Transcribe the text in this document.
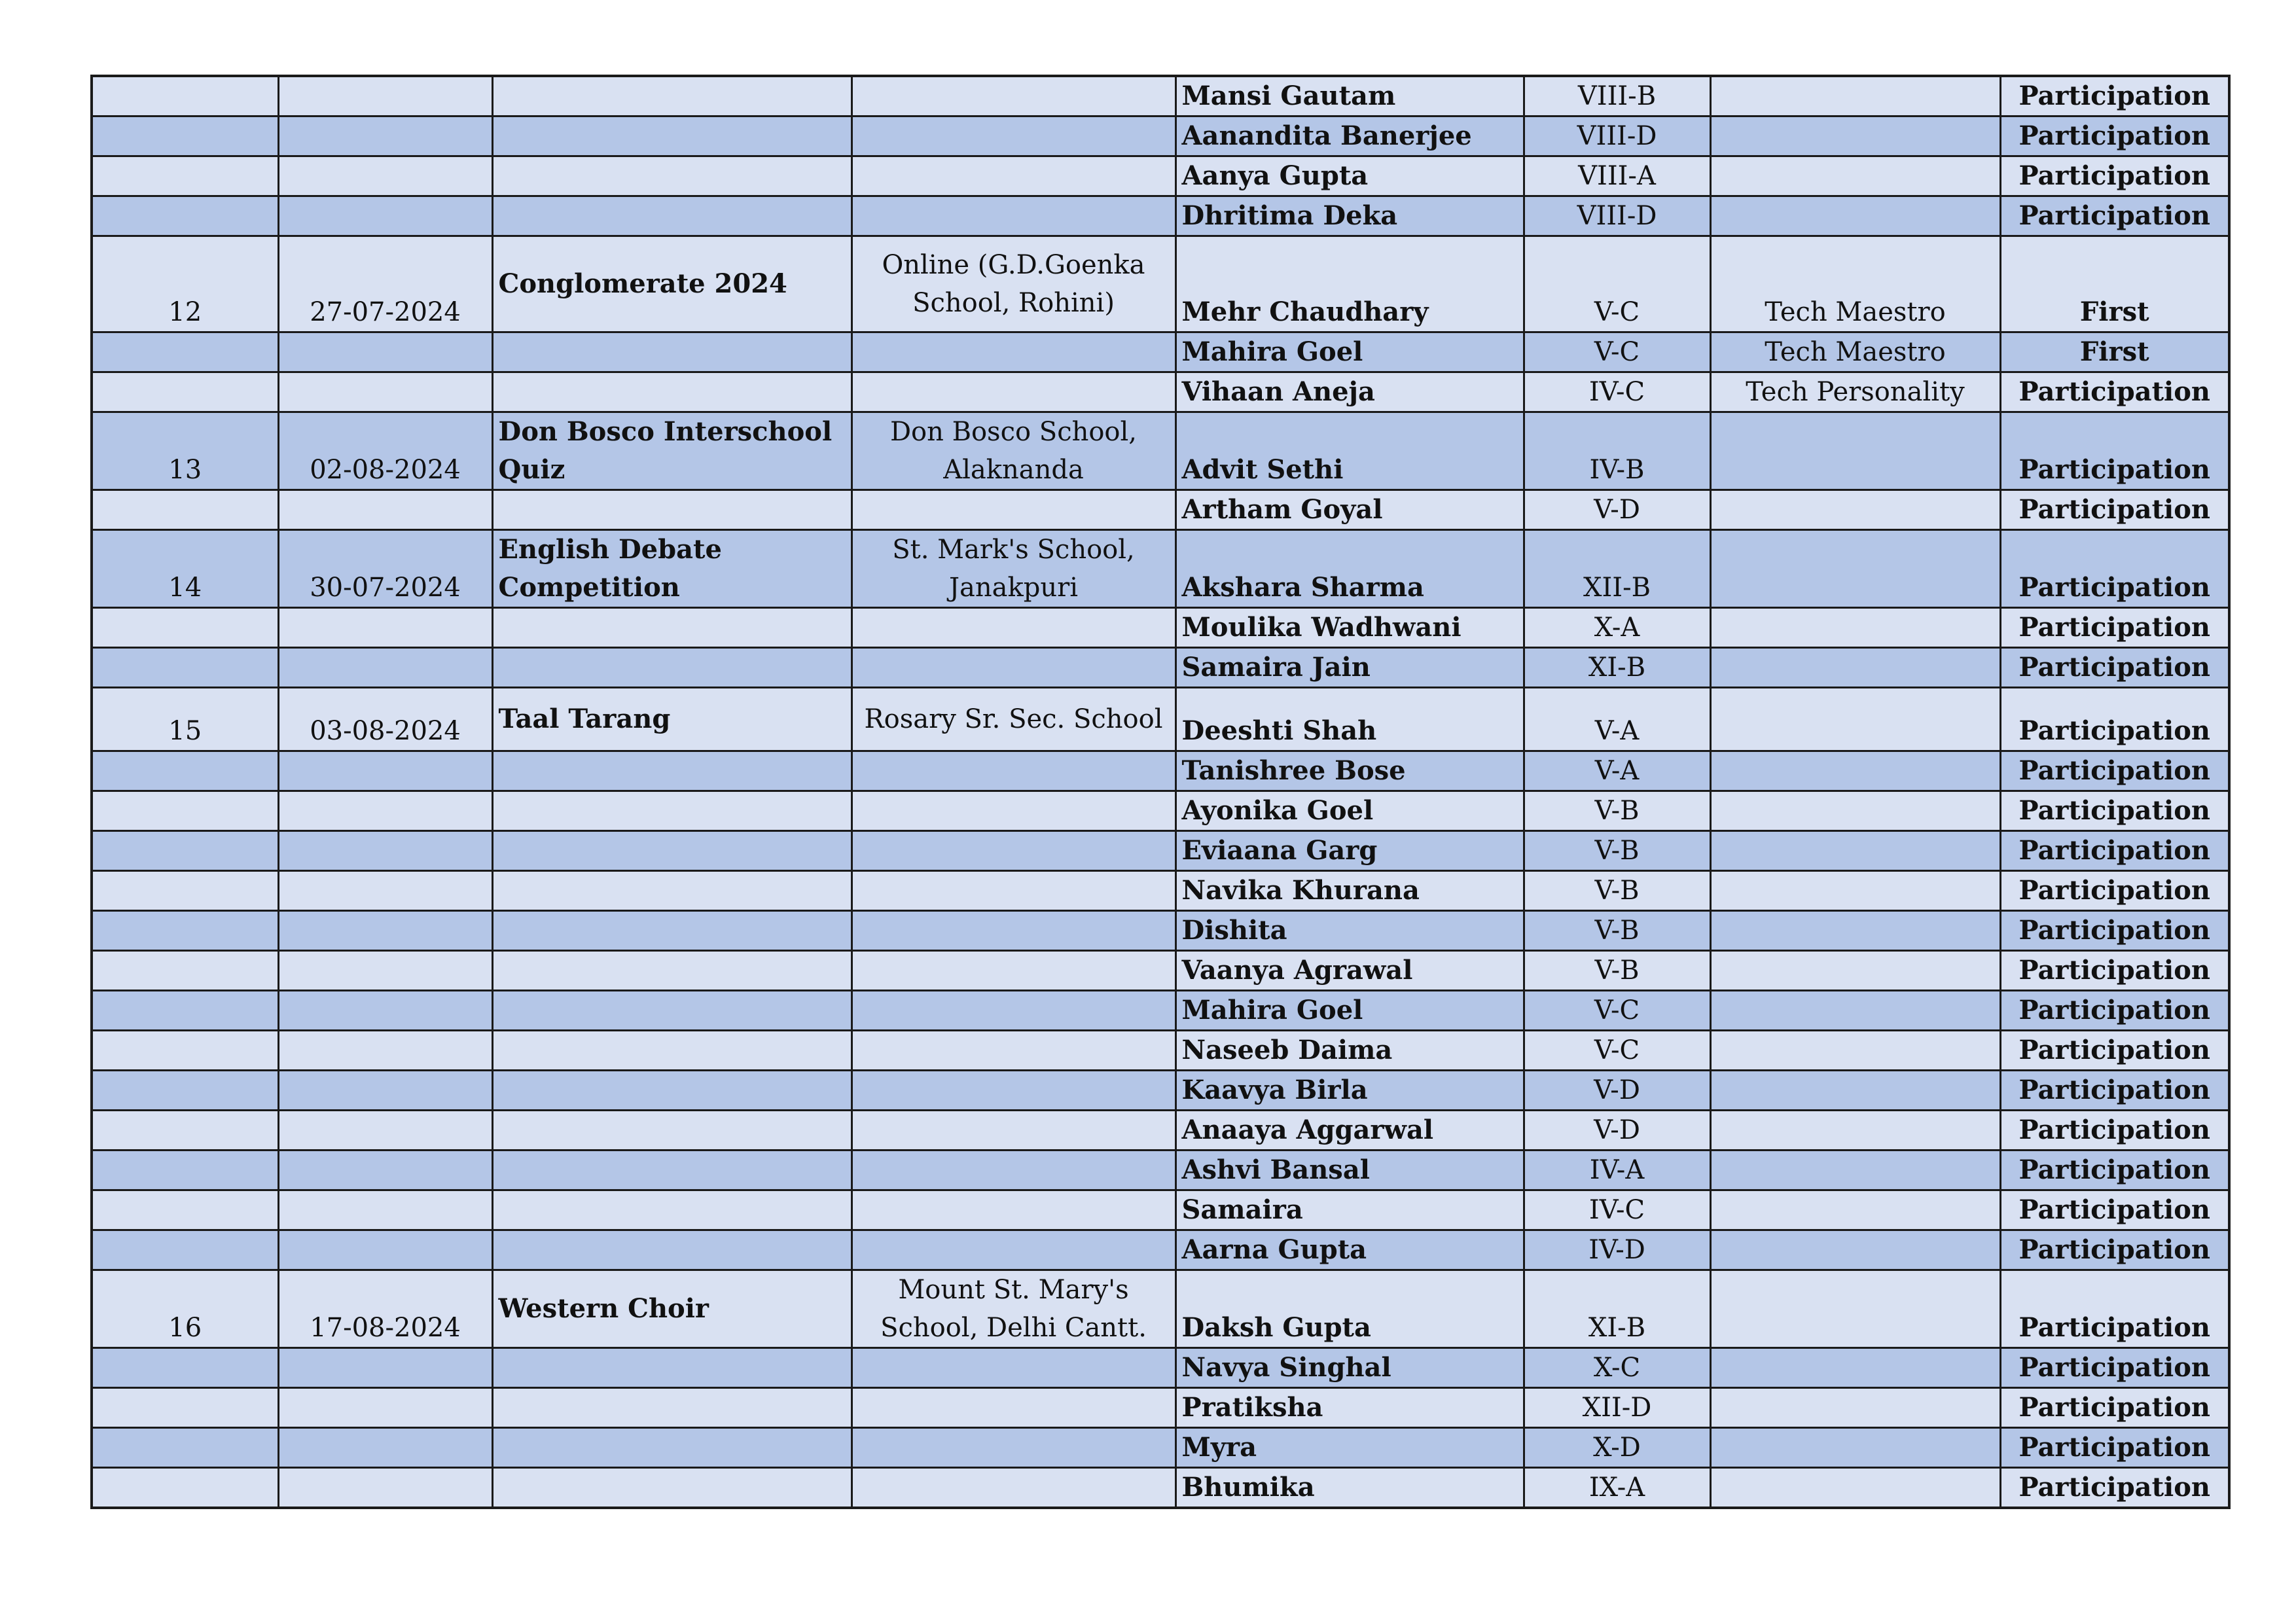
				Mansi Gautam	VIII-B		Participation
				Aanandita Banerjee	VIII-D		Participation
				Aanya Gupta	VIII-A		Participation
				Dhritima Deka	VIII-D		Participation
12	27-07-2024	Conglomerate 2024	Online (G.D.Goenka School, Rohini)	Mehr Chaudhary	V-C	Tech Maestro	First
				Mahira Goel	V-C	Tech Maestro	First
				Vihaan Aneja	IV-C	Tech Personality	Participation
13	02-08-2024	Don Bosco Interschool Quiz	Don Bosco School, Alaknanda	Advit Sethi	IV-B		Participation
				Artham Goyal	V-D		Participation
14	30-07-2024	English Debate Competition	St. Mark's School, Janakpuri	Akshara Sharma	XII-B		Participation
				Moulika Wadhwani	X-A		Participation
				Samaira Jain	XI-B		Participation
15	03-08-2024	Taal Tarang	Rosary Sr. Sec. School	Deeshti Shah	V-A		Participation
				Tanishree Bose	V-A		Participation
				Ayonika Goel	V-B		Participation
				Eviaana Garg	V-B		Participation
				Navika Khurana	V-B		Participation
				Dishita	V-B		Participation
				Vaanya Agrawal	V-B		Participation
				Mahira Goel	V-C		Participation
				Naseeb Daima	V-C		Participation
				Kaavya Birla	V-D		Participation
				Anaaya Aggarwal	V-D		Participation
				Ashvi Bansal	IV-A		Participation
				Samaira	IV-C		Participation
				Aarna Gupta	IV-D		Participation
16	17-08-2024	Western Choir	Mount St. Mary's School, Delhi Cantt.	Daksh Gupta	XI-B		Participation
				Navya Singhal	X-C		Participation
				Pratiksha	XII-D		Participation
				Myra	X-D		Participation
				Bhumika	IX-A		Participation
